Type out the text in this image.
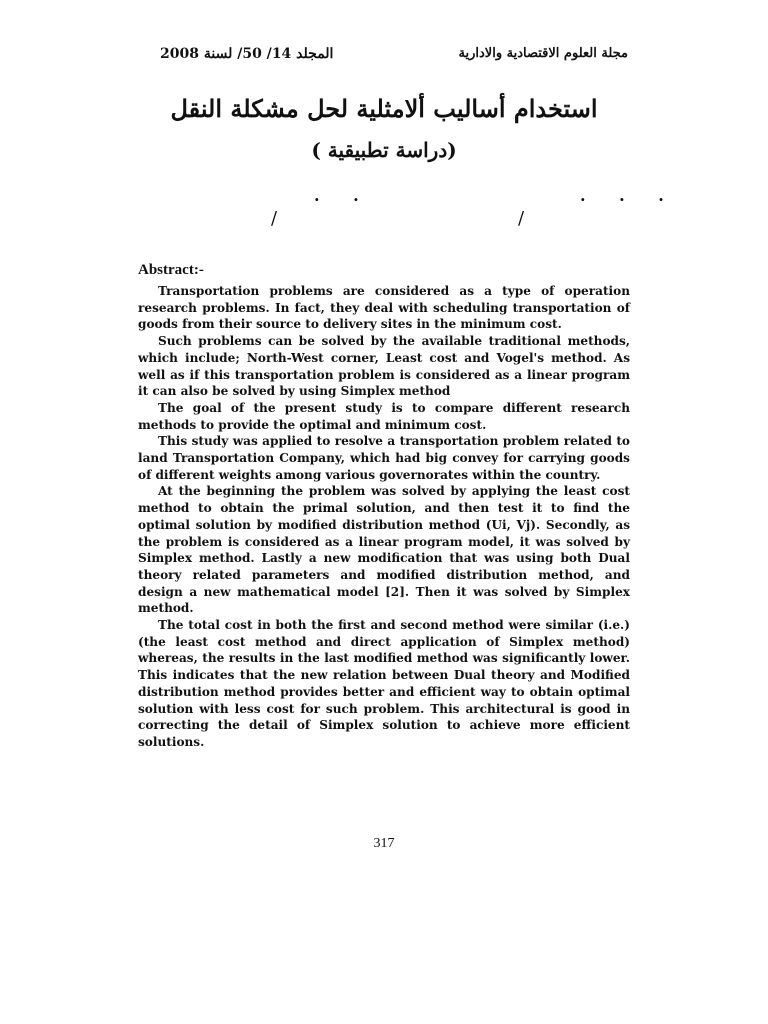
المجلد 14/ 50/ لسنة 2008	مجلة العلوم الاقتصادية والادارية
استخدام أساليب ألامثلية لحل مشكلة النقل
(دراسة تطبيقية )
. .	. . .
/	/
Abstract:-

Transportation problems are considered as a type of operation research problems. In fact, they deal with scheduling transportation of goods from their source to delivery sites in the minimum cost.

Such problems can be solved by the available traditional methods, which include; North-West corner, Least cost and Vogel's method. As well as if this transportation problem is considered as a linear program it can also be solved by using Simplex method

The goal of the present study is to compare different research methods to provide the optimal and minimum cost.

This study was applied to resolve a transportation problem related to land Transportation Company, which had big convey for carrying goods of different weights among various governorates within the country.

At the beginning the problem was solved by applying the least cost method to obtain the primal solution, and then test it to find the optimal solution by modified distribution method (Ui, Vj). Secondly, as the problem is considered as a linear program model, it was solved by Simplex method. Lastly a new modification that was using both Dual theory related parameters and modified distribution method, and design a new mathematical model [2]. Then it was solved by Simplex method.

The total cost in both the first and second method were similar (i.e.) (the least cost method and direct application of Simplex method) whereas, the results in the last modified method was significantly lower. This indicates that the new relation between Dual theory and Modified distribution method provides better and efficient way to obtain optimal solution with less cost for such problem. This architectural is good in correcting the detail of Simplex solution to achieve more efficient solutions.

317
